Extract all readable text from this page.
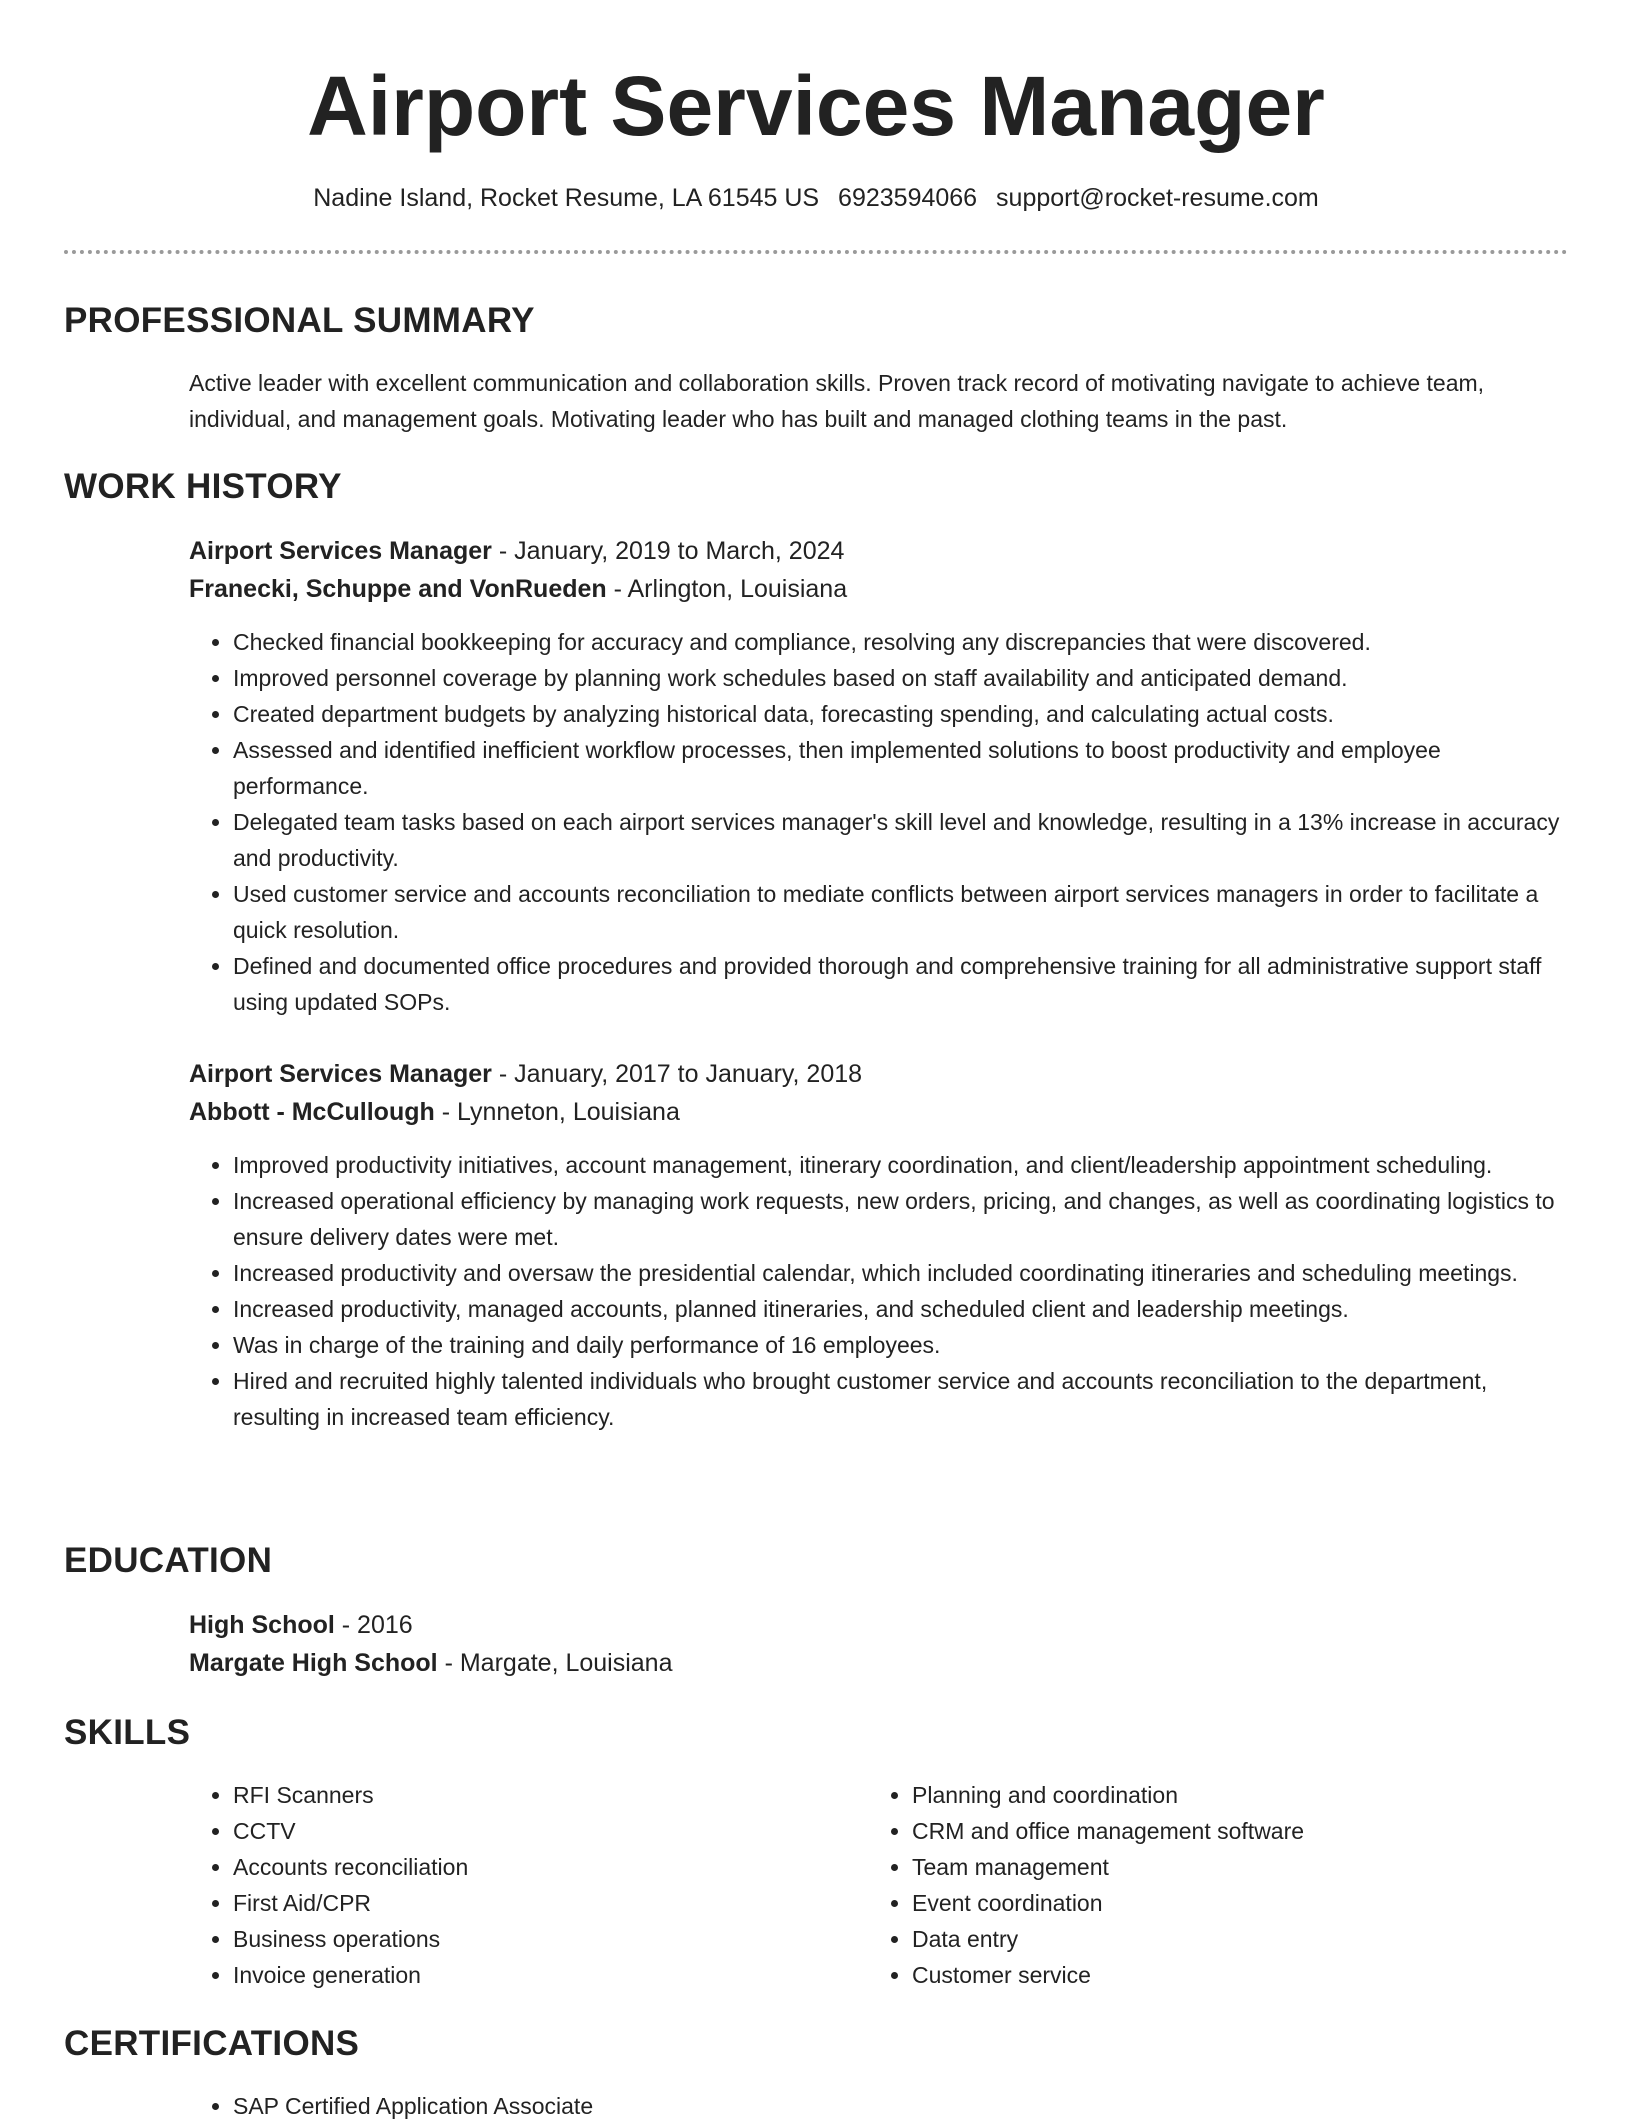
Airport Services Manager
Nadine Island, Rocket Resume, LA 61545 US 6923594066 support@rocket-resume.com
PROFESSIONAL SUMMARY

Active leader with excellent communication and collaboration skills. Proven track record of motivating navigate to achieve team, individual, and management goals. Motivating leader who has built and managed clothing teams in the past.

WORK HISTORY

Airport Services Manager - January, 2019 to March, 2024

Franecki, Schuppe and VonRueden - Arlington, Louisiana

• Checked financial bookkeeping for accuracy and compliance, resolving any discrepancies that were discovered.
• Improved personnel coverage by planning work schedules based on staff availability and anticipated demand.
• Created department budgets by analyzing historical data, forecasting spending, and calculating actual costs.
• Assessed and identified inefficient workflow processes, then implemented solutions to boost productivity and employee performance.
• Delegated team tasks based on each airport services manager's skill level and knowledge, resulting in a 13% increase in accuracy and productivity.
• Used customer service and accounts reconciliation to mediate conflicts between airport services managers in order to facilitate a quick resolution.
• Defined and documented office procedures and provided thorough and comprehensive training for all administrative support staff using updated SOPs.

Airport Services Manager - January, 2017 to January, 2018

Abbott - McCullough - Lynneton, Louisiana

• Improved productivity initiatives, account management, itinerary coordination, and client/leadership appointment scheduling.
• Increased operational efficiency by managing work requests, new orders, pricing, and changes, as well as coordinating logistics to ensure delivery dates were met.
• Increased productivity and oversaw the presidential calendar, which included coordinating itineraries and scheduling meetings.
• Increased productivity, managed accounts, planned itineraries, and scheduled client and leadership meetings.
• Was in charge of the training and daily performance of 16 employees.
• Hired and recruited highly talented individuals who brought customer service and accounts reconciliation to the department, resulting in increased team efficiency.
EDUCATION

High School - 2016

Margate High School - Margate, Louisiana

SKILLS
• RFI Scanners
• CCTV
• Accounts reconciliation
• First Aid/CPR
• Business operations
• Invoice generation
• Planning and coordination
• CRM and office management software
• Team management
• Event coordination
• Data entry
• Customer service
CERTIFICATIONS
• SAP Certified Application Associate
